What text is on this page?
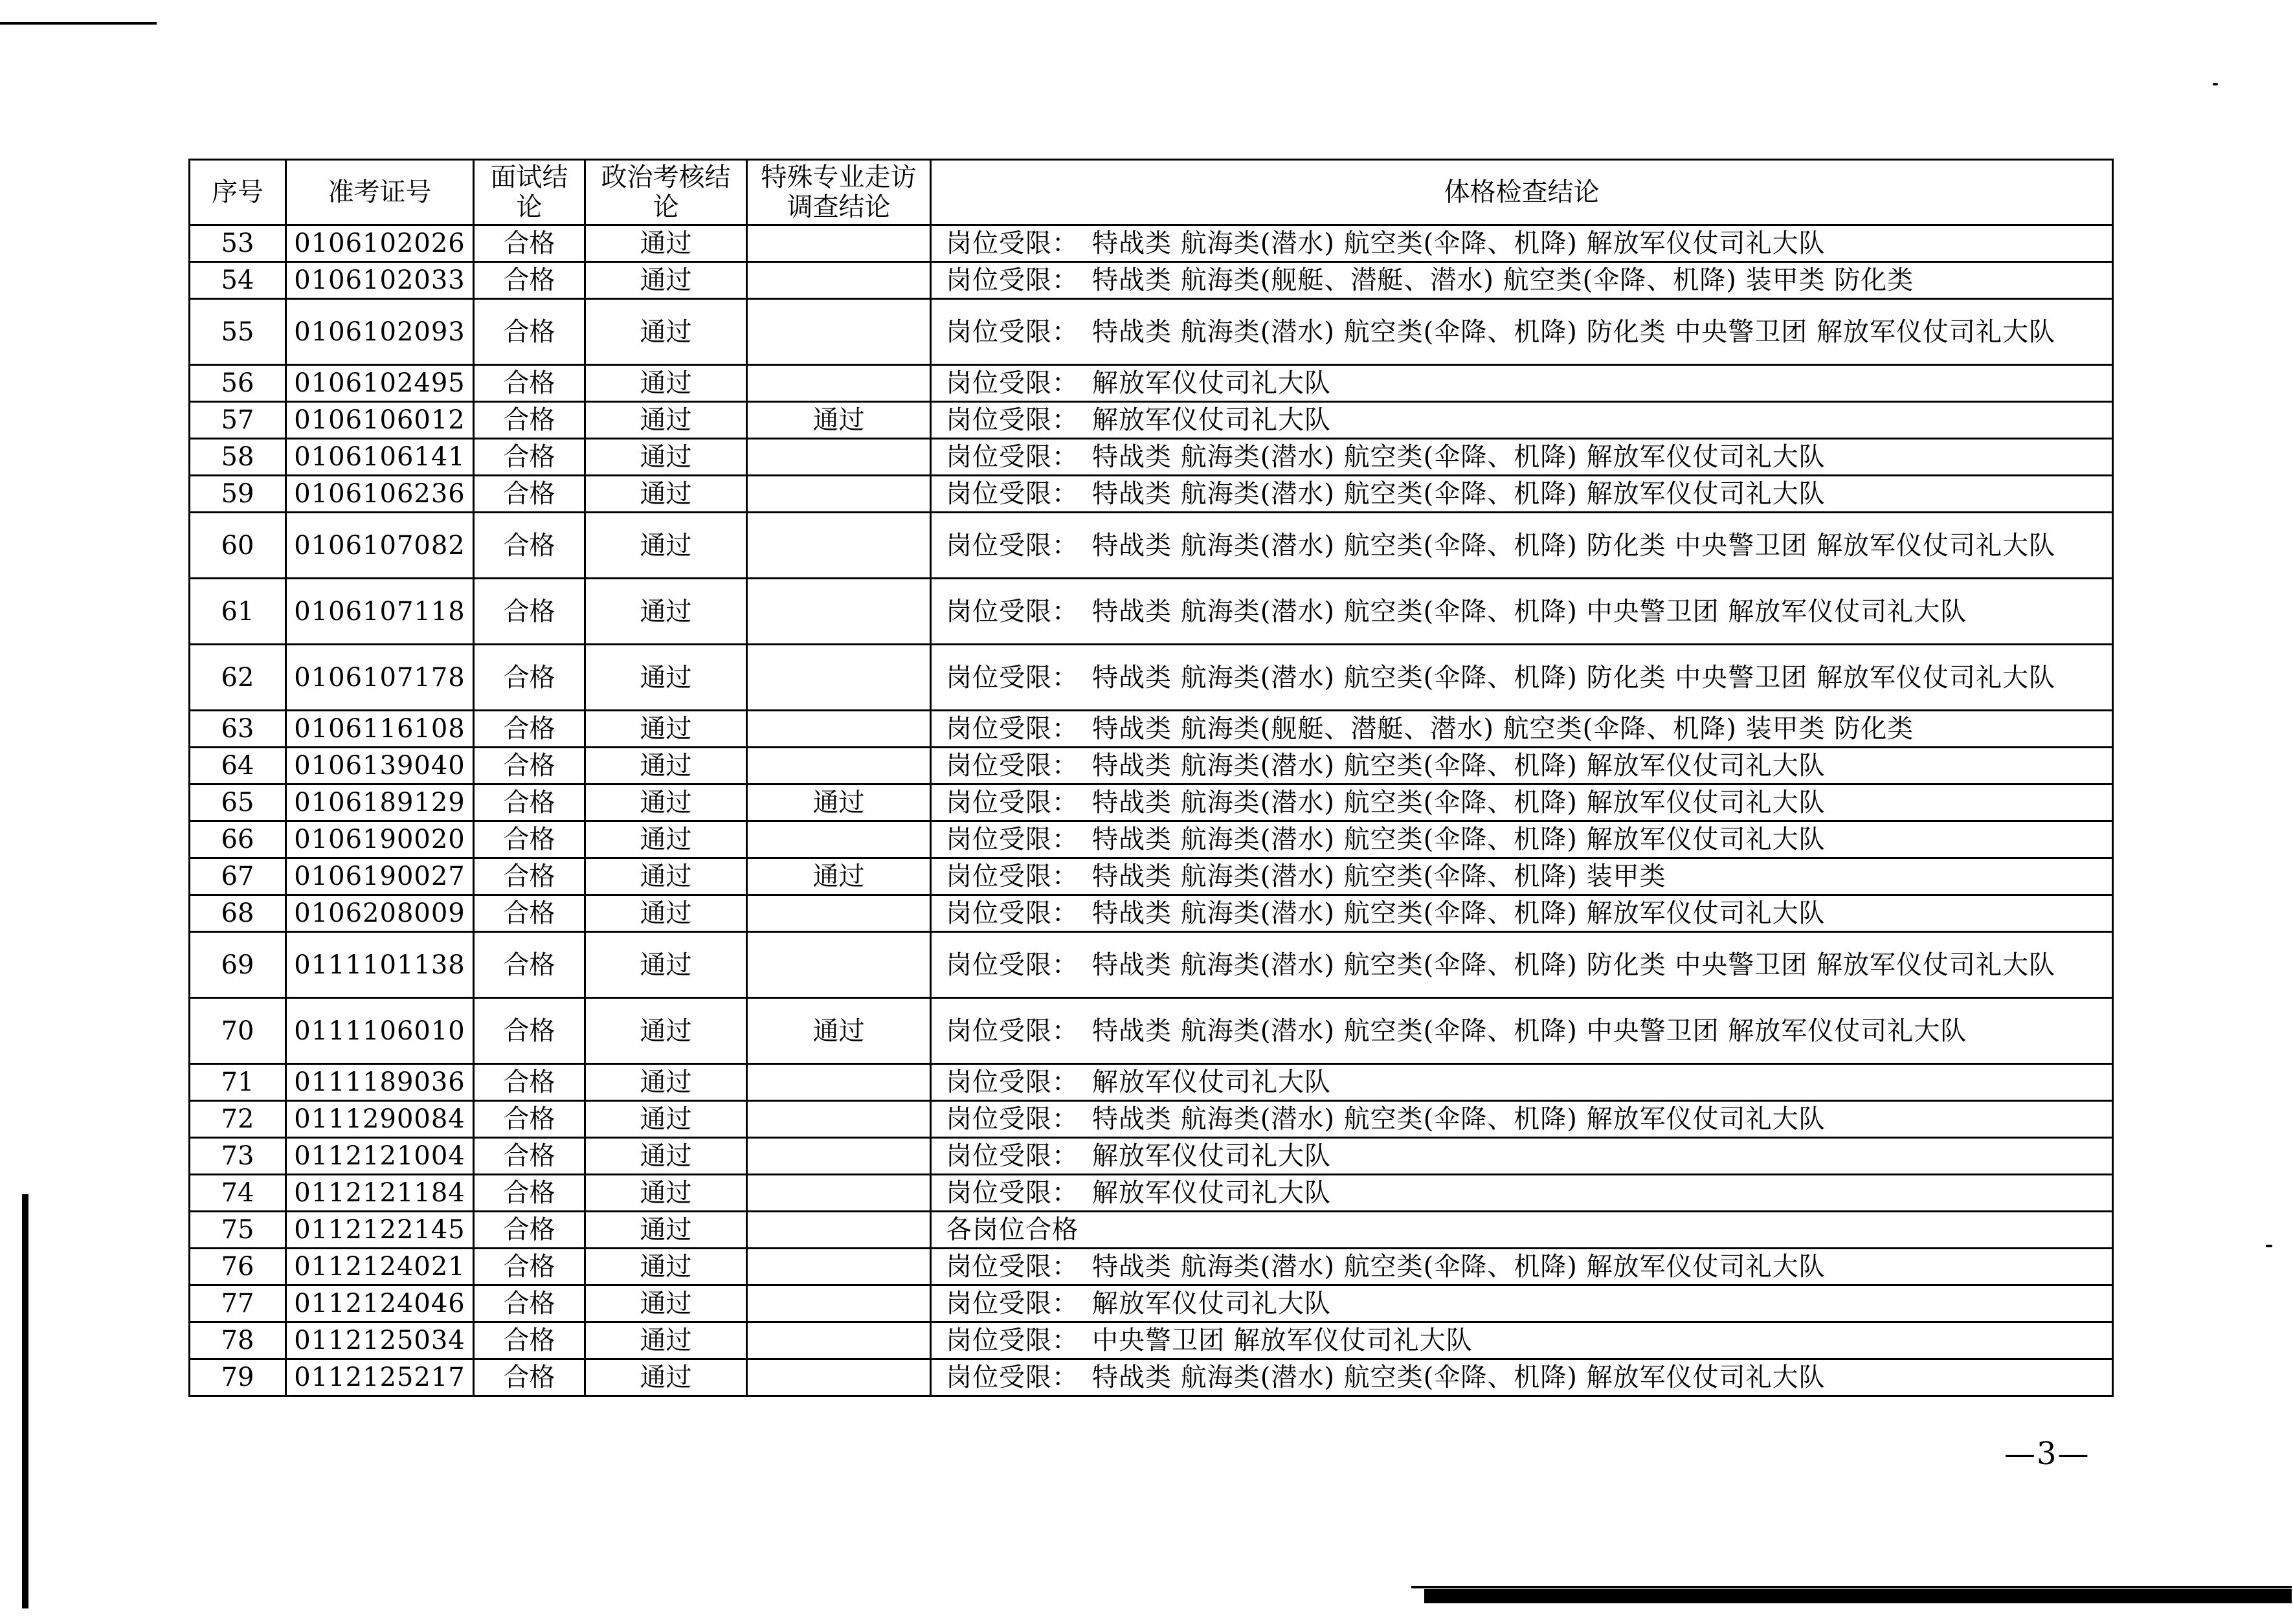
序号	准考证号	面试结论	政治考核结论	特殊专业走访调查结论	体格检查结论
53	0106102026	合格	通过		岗位受限：　特战类 航海类(潜水) 航空类(伞降、机降) 解放军仪仗司礼大队
54	0106102033	合格	通过		岗位受限：　特战类 航海类(舰艇、潜艇、潜水) 航空类(伞降、机降) 装甲类 防化类
55	0106102093	合格	通过		岗位受限：　特战类 航海类(潜水) 航空类(伞降、机降) 防化类 中央警卫团 解放军仪仗司礼大队
56	0106102495	合格	通过		岗位受限：　解放军仪仗司礼大队
57	0106106012	合格	通过	通过	岗位受限：　解放军仪仗司礼大队
58	0106106141	合格	通过		岗位受限：　特战类 航海类(潜水) 航空类(伞降、机降) 解放军仪仗司礼大队
59	0106106236	合格	通过		岗位受限：　特战类 航海类(潜水) 航空类(伞降、机降) 解放军仪仗司礼大队
60	0106107082	合格	通过		岗位受限：　特战类 航海类(潜水) 航空类(伞降、机降) 防化类 中央警卫团 解放军仪仗司礼大队
61	0106107118	合格	通过		岗位受限：　特战类 航海类(潜水) 航空类(伞降、机降) 中央警卫团 解放军仪仗司礼大队
62	0106107178	合格	通过		岗位受限：　特战类 航海类(潜水) 航空类(伞降、机降) 防化类 中央警卫团 解放军仪仗司礼大队
63	0106116108	合格	通过		岗位受限：　特战类 航海类(舰艇、潜艇、潜水) 航空类(伞降、机降) 装甲类 防化类
64	0106139040	合格	通过		岗位受限：　特战类 航海类(潜水) 航空类(伞降、机降) 解放军仪仗司礼大队
65	0106189129	合格	通过	通过	岗位受限：　特战类 航海类(潜水) 航空类(伞降、机降) 解放军仪仗司礼大队
66	0106190020	合格	通过		岗位受限：　特战类 航海类(潜水) 航空类(伞降、机降) 解放军仪仗司礼大队
67	0106190027	合格	通过	通过	岗位受限：　特战类 航海类(潜水) 航空类(伞降、机降) 装甲类
68	0106208009	合格	通过		岗位受限：　特战类 航海类(潜水) 航空类(伞降、机降) 解放军仪仗司礼大队
69	0111101138	合格	通过		岗位受限：　特战类 航海类(潜水) 航空类(伞降、机降) 防化类 中央警卫团 解放军仪仗司礼大队
70	0111106010	合格	通过	通过	岗位受限：　特战类 航海类(潜水) 航空类(伞降、机降) 中央警卫团 解放军仪仗司礼大队
71	0111189036	合格	通过		岗位受限：　解放军仪仗司礼大队
72	0111290084	合格	通过		岗位受限：　特战类 航海类(潜水) 航空类(伞降、机降) 解放军仪仗司礼大队
73	0112121004	合格	通过		岗位受限：　解放军仪仗司礼大队
74	0112121184	合格	通过		岗位受限：　解放军仪仗司礼大队
75	0112122145	合格	通过		各岗位合格
76	0112124021	合格	通过		岗位受限：　特战类 航海类(潜水) 航空类(伞降、机降) 解放军仪仗司礼大队
77	0112124046	合格	通过		岗位受限：　解放军仪仗司礼大队
78	0112125034	合格	通过		岗位受限：　中央警卫团 解放军仪仗司礼大队
79	0112125217	合格	通过		岗位受限：　特战类 航海类(潜水) 航空类(伞降、机降) 解放军仪仗司礼大队
—3—
